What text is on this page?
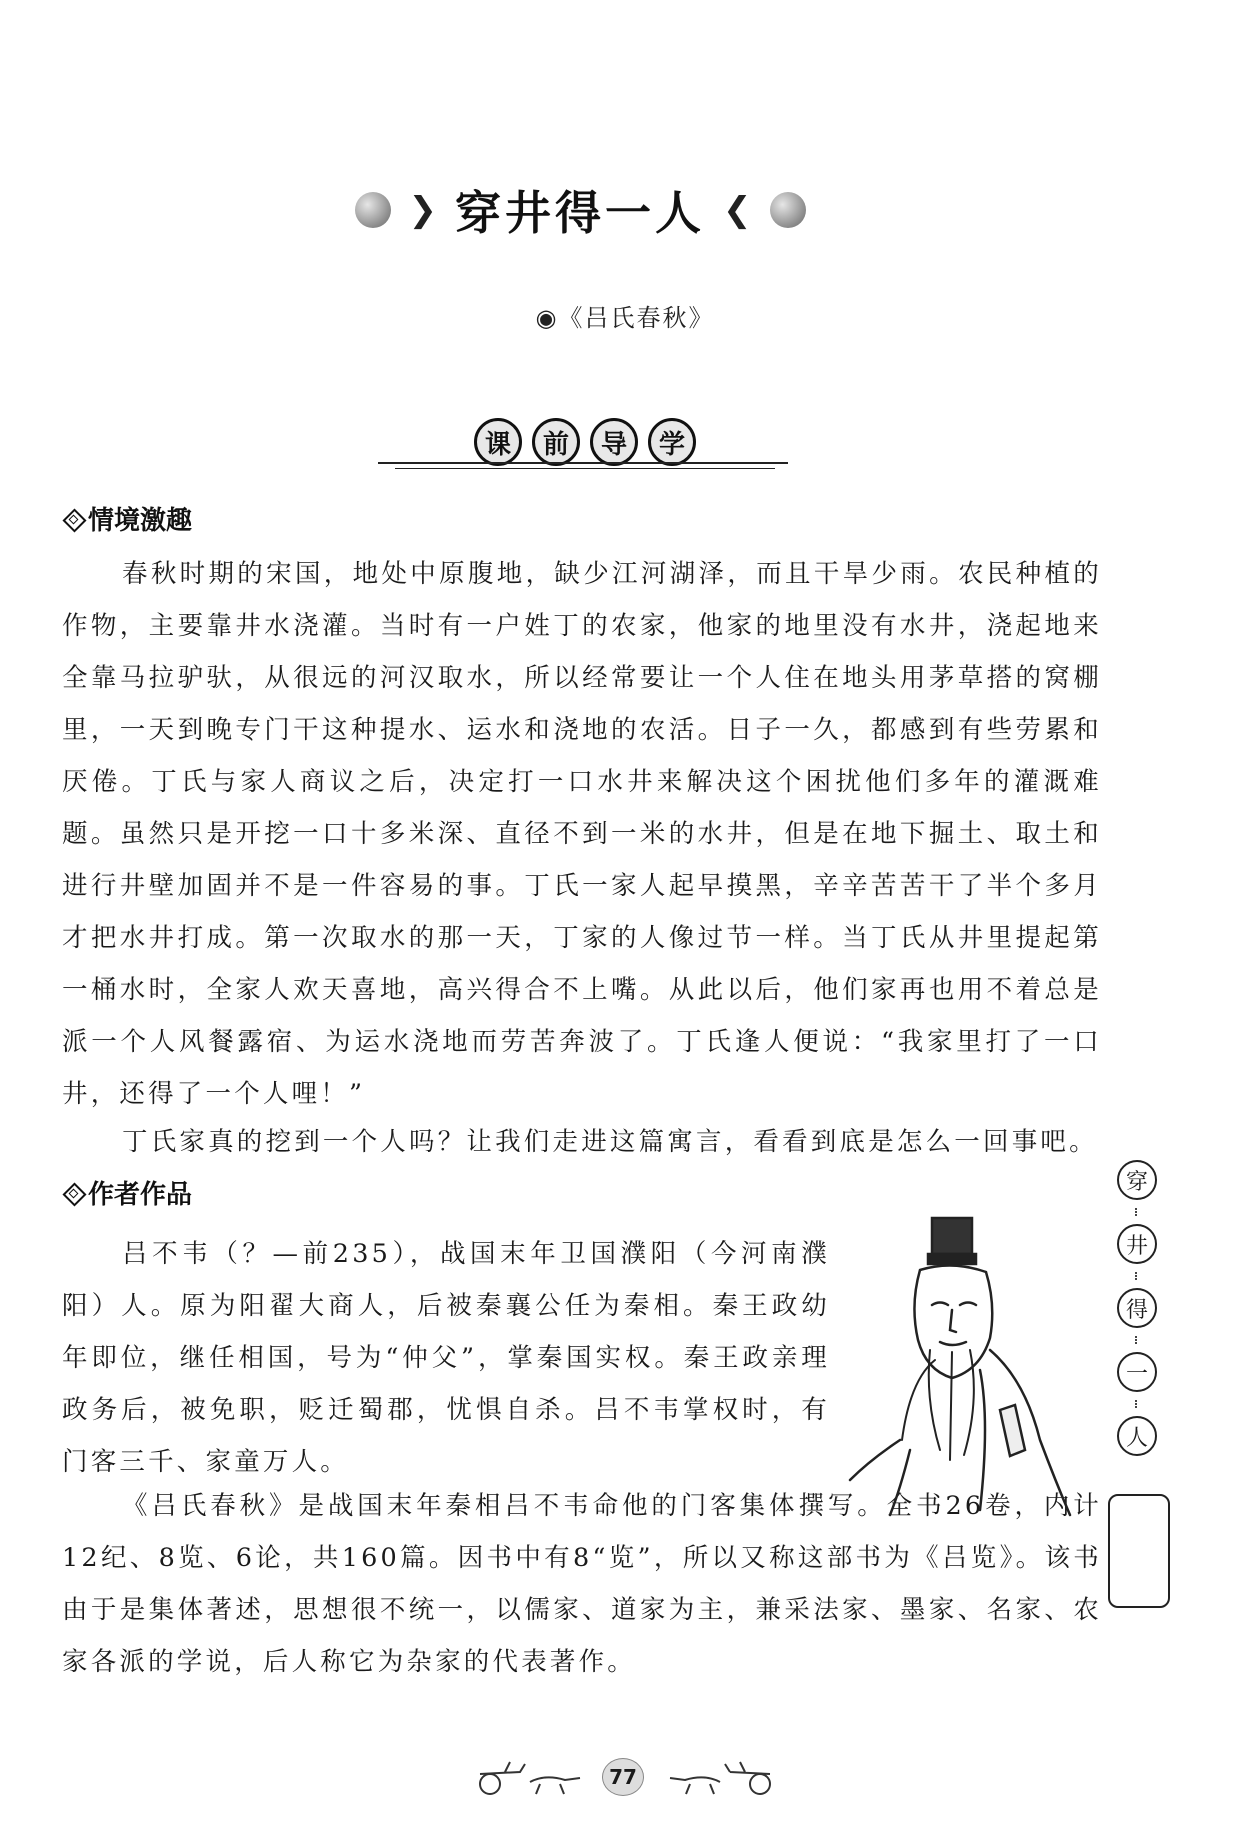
❯ 穿井得一人 ❮
◉《吕氏春秋》
课	前	导	学
情境激趣

春秋时期的宋国，地处中原腹地，缺少江河湖泽，而且干旱少雨。农民种植的作物，主要靠井水浇灌。当时有一户姓丁的农家，他家的地里没有水井，浇起地来全靠马拉驴驮，从很远的河汉取水，所以经常要让一个人住在地头用茅草搭的窝棚里，一天到晚专门干这种提水、运水和浇地的农活。日子一久，都感到有些劳累和厌倦。丁氏与家人商议之后，决定打一口水井来解决这个困扰他们多年的灌溉难题。虽然只是开挖一口十多米深、直径不到一米的水井，但是在地下掘土、取土和进行井壁加固并不是一件容易的事。丁氏一家人起早摸黑，辛辛苦苦干了半个多月才把水井打成。第一次取水的那一天，丁家的人像过节一样。当丁氏从井里提起第一桶水时，全家人欢天喜地，高兴得合不上嘴。从此以后，他们家再也用不着总是派一个人风餐露宿、为运水浇地而劳苦奔波了。丁氏逢人便说：“我家里打了一口井，还得了一个人哩！”

丁氏家真的挖到一个人吗？让我们走进这篇寓言，看看到底是怎么一回事吧。

作者作品

吕不韦（？—前235），战国末年卫国濮阳（今河南濮阳）人。原为阳翟大商人，后被秦襄公任为秦相。秦王政幼年即位，继任相国，号为“仲父”，掌秦国实权。秦王政亲理政务后，被免职，贬迁蜀郡，忧惧自杀。吕不韦掌权时，有门客三千、家童万人。

《吕氏春秋》是战国末年秦相吕不韦命他的门客集体撰写。全书26卷，内计12纪、8览、6论，共160篇。因书中有8“览”，所以又称这部书为《吕览》。该书由于是集体著述，思想很不统一，以儒家、道家为主，兼采法家、墨家、名家、农家各派的学说，后人称它为杂家的代表著作。

穿
井
得
一
人
77
